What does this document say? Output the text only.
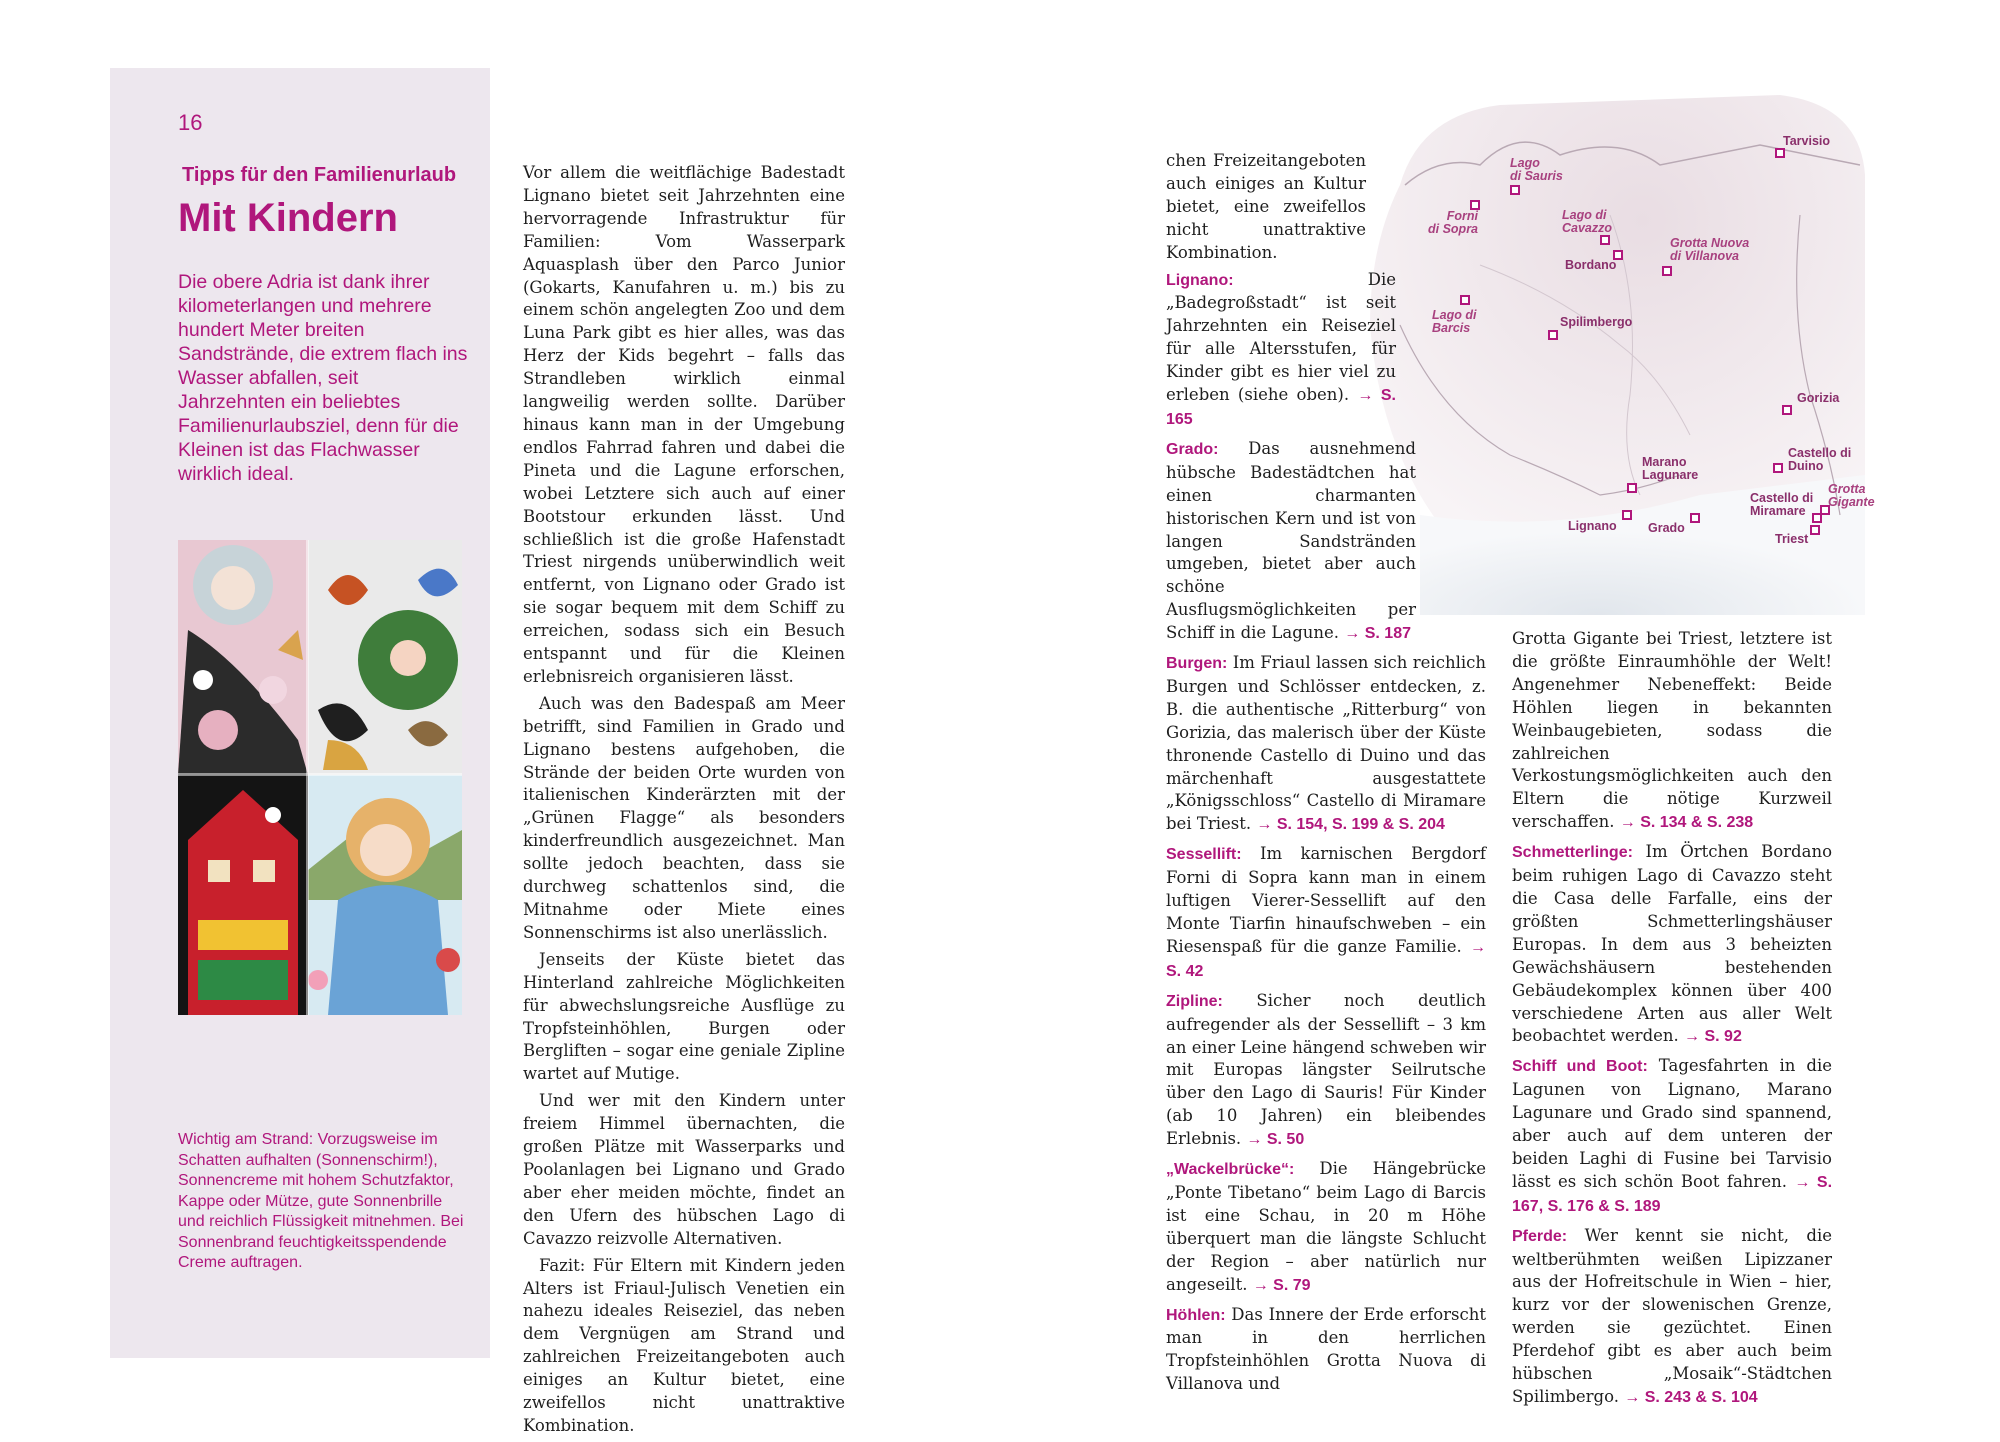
16
Tipps für den Familienurlaub
Mit Kindern
Die obere Adria ist dank ihrer kilometerlangen und mehrere hundert Meter breiten Sandstrände, die extrem flach ins Wasser abfallen, seit Jahrzehnten ein beliebtes Familienurlaubsziel, denn für die Kleinen ist das Flachwasser wirklich ideal.
Wichtig am Strand: Vorzugsweise im Schatten aufhalten (Sonnenschirm!), Sonnencreme mit hohem Schutzfaktor, Kappe oder Mütze, gute Sonnenbrille und reichlich Flüssigkeit mitnehmen. Bei Sonnenbrand feuchtigkeitsspendende Creme auftragen.

Vor allem die weitflächige Badestadt Lignano bietet seit Jahrzehnten eine hervorragende Infrastruktur für Familien: Vom Wasserpark Aquasplash über den Parco Junior (Gokarts, Kanufahren u. m.) bis zu einem schön angelegten Zoo und dem Luna Park gibt es hier alles, was das Herz der Kids begehrt – falls das Strandleben wirklich einmal langweilig werden sollte. Darüber hinaus kann man in der Umgebung endlos Fahrrad fahren und dabei die Pineta und die Lagune erforschen, wobei Letztere sich auch auf einer Bootstour erkunden lässt. Und schließlich ist die große Hafenstadt Triest nirgends unüberwindlich weit entfernt, von Lignano oder Grado ist sie sogar bequem mit dem Schiff zu erreichen, sodass sich ein Besuch entspannt und für die Kleinen erlebnisreich organisieren lässt.

Auch was den Badespaß am Meer betrifft, sind Familien in Grado und Lignano bestens aufgehoben, die Strände der beiden Orte wurden von italienischen Kinderärzten mit der „Grünen Flagge“ als besonders kinderfreundlich ausgezeichnet. Man sollte jedoch beachten, dass sie durchweg schattenlos sind, die Mitnahme oder Miete eines Sonnenschirms ist also unerlässlich.

Jenseits der Küste bietet das Hinterland zahlreiche Möglichkeiten für abwechslungsreiche Ausflüge zu Tropfsteinhöhlen, Burgen oder Bergliften – sogar eine geniale Zipline wartet auf Mutige.

Und wer mit den Kindern unter freiem Himmel übernachten, die großen Plätze mit Wasserparks und Poolanlagen bei Lignano und Grado aber eher meiden möchte, findet an den Ufern des hübschen Lago di Cavazzo reizvolle Alternativen.

Fazit: Für Eltern mit Kindern jeden Alters ist Friaul-Julisch Venetien ein nahezu ideales Reiseziel, das neben dem Vergnügen am Strand und zahlreichen Freizeitangeboten auch einiges an Kultur bietet, eine zweifellos nicht unattraktive Kombination.

Tarvisio
Lago
di Sauris
Forni
di Sopra
Lago di
Cavazzo
Bordano
Grotta Nuova
di Villanova
Lago di
Barcis	Spilimbergo
Gorizia
Castello di
Duino
Marano
Lagunare
Lignano	Grado
Castello di
Miramare
Grotta
Gigante
Triest

chen Freizeitangeboten auch einiges an Kultur bietet, eine zweifellos nicht unattraktive Kombination.

Lignano: Die „Badegroßstadt“ ist seit Jahrzehnten ein Reiseziel für alle Altersstufen, für Kinder gibt es hier viel zu erleben (siehe oben). → S. 165
Grado: Das ausnehmend hübsche Badestädtchen hat einen charmanten historischen Kern und ist von langen Sandstränden umgeben, bietet aber auch schöne Ausflugsmöglichkeiten per Schiff in die Lagune. → S. 187
Burgen: Im Friaul lassen sich reichlich Burgen und Schlösser entdecken, z. B. die authentische „Ritterburg“ von Gorizia, das malerisch über der Küste thronende Castello di Duino und das märchenhaft ausgestattete „Königsschloss“ Castello di Miramare bei Triest. → S. 154, S. 199 & S. 204
Sessellift: Im karnischen Bergdorf Forni di Sopra kann man in einem luftigen Vierer-Sessellift auf den Monte Tiarfin hinaufschweben – ein Riesenspaß für die ganze Familie. → S. 42
Zipline: Sicher noch deutlich aufregender als der Sessellift – 3 km an einer Leine hängend schweben wir mit Europas längster Seilrutsche über den Lago di Sauris! Für Kinder (ab 10 Jahren) ein bleibendes Erlebnis. → S. 50
„Wackelbrücke“: Die Hängebrücke „Ponte Tibetano“ beim Lago di Barcis ist eine Schau, in 20 m Höhe überquert man die längste Schlucht der Region – aber natürlich nur angeseilt. → S. 79
Höhlen: Das Innere der Erde erforscht man in den herrlichen Tropfsteinhöhlen Grotta Nuova di Villanova und
Grotta Gigante bei Triest, letztere ist die größte Einraumhöhle der Welt! Angenehmer Nebeneffekt: Beide Höhlen liegen in bekannten Weinbaugebieten, sodass die zahlreichen Verkostungsmöglichkeiten auch den Eltern die nötige Kurzweil verschaffen. → S. 134 & S. 238
Schmetterlinge: Im Örtchen Bordano beim ruhigen Lago di Cavazzo steht die Casa delle Farfalle, eins der größten Schmetterlingshäuser Europas. In dem aus 3 beheizten Gewächshäusern bestehenden Gebäudekomplex können über 400 verschiedene Arten aus aller Welt beobachtet werden. → S. 92
Schiff und Boot: Tagesfahrten in die Lagunen von Lignano, Marano Lagunare und Grado sind spannend, aber auch auf dem unteren der beiden Laghi di Fusine bei Tarvisio lässt es sich schön Boot fahren. → S. 167, S. 176 & S. 189
Pferde: Wer kennt sie nicht, die weltberühmten weißen Lipizzaner aus der Hofreitschule in Wien – hier, kurz vor der slowenischen Grenze, werden sie gezüchtet. Einen Pferdehof gibt es aber auch beim hübschen „Mosaik“-Städtchen Spilimbergo. → S. 243 & S. 104
